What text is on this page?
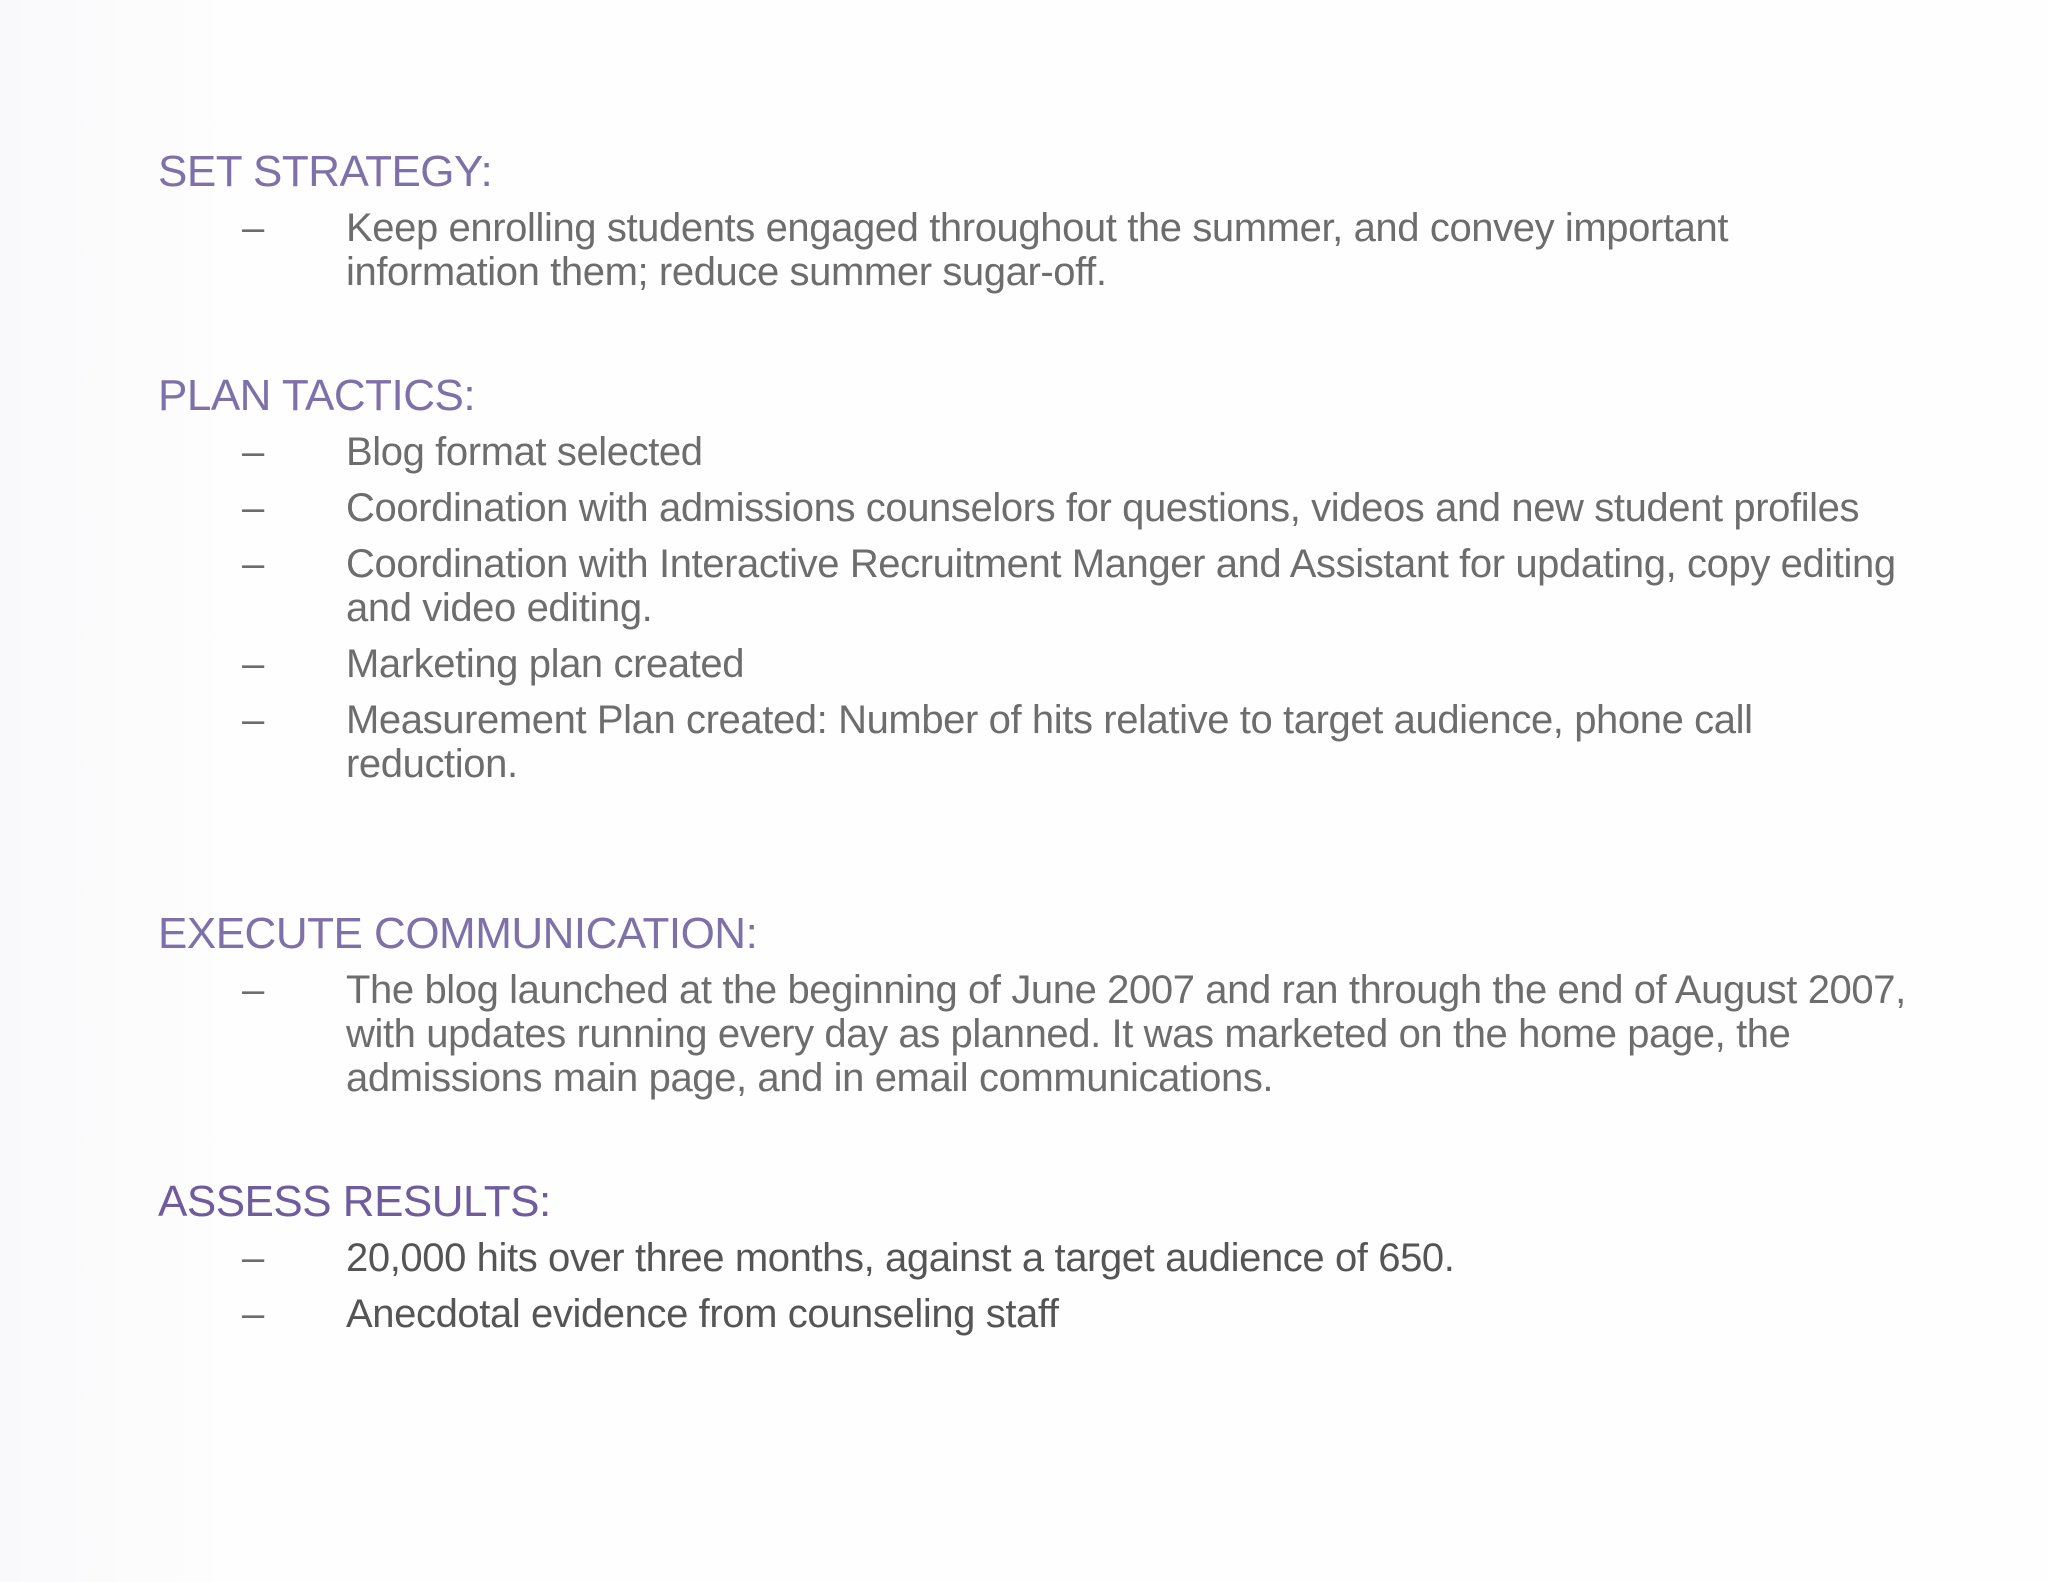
SET STRATEGY:
– Keep enrolling students engaged throughout the summer, and convey important information them; reduce summer sugar-off.
PLAN TACTICS:
– Blog format selected
– Coordination with admissions counselors for questions, videos and new student profiles
– Coordination with Interactive Recruitment Manger and Assistant for updating, copy editing and video editing.
– Marketing plan created
– Measurement Plan created: Number of hits relative to target audience, phone call reduction.
EXECUTE COMMUNICATION:
– The blog launched at the beginning of June 2007 and ran through the end of August 2007, with updates running every day as planned. It was marketed on the home page, the admissions main page, and in email communications.
ASSESS RESULTS:
– 20,000 hits over three months, against a target audience of 650.
– Anecdotal evidence from counseling staff
